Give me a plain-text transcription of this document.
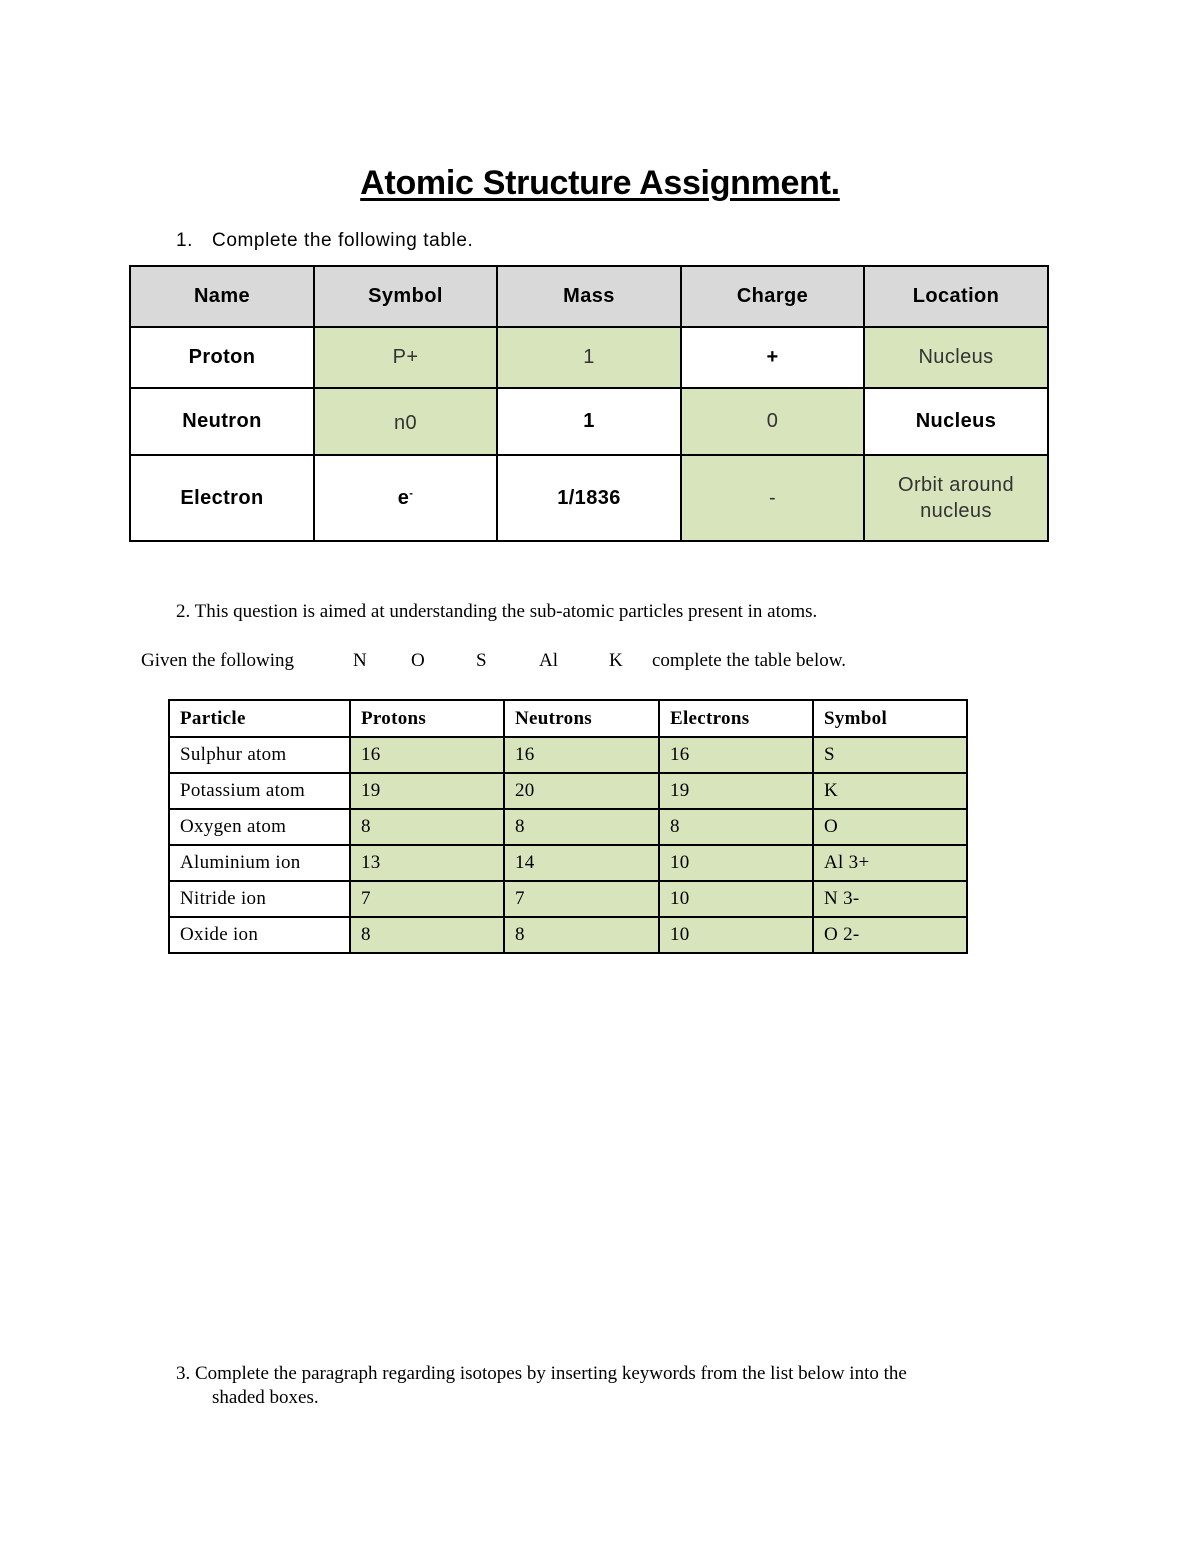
Atomic Structure Assignment.
1. Complete the following table.
Name	Symbol	Mass	Charge	Location
Proton	P+	1	+	Nucleus
Neutron	n0	1	0	Nucleus
Electron	e-	1/1836	-	Orbit around
nucleus
2. This question is aimed at understanding the sub-atomic particles present in atoms.
Given the following	N O	S	Al	K complete the table below.
Particle	Protons	Neutrons	Electrons	Symbol
Sulphur atom	16	16	16	S
Potassium atom	19	20	19	K
Oxygen atom	8	8	8	O
Aluminium ion	13	14	10	Al 3+
Nitride ion	7	7	10	N 3-
Oxide ion	8	8	10	O 2-
3. Complete the paragraph regarding isotopes by inserting keywords from the list below into the
shaded boxes.
